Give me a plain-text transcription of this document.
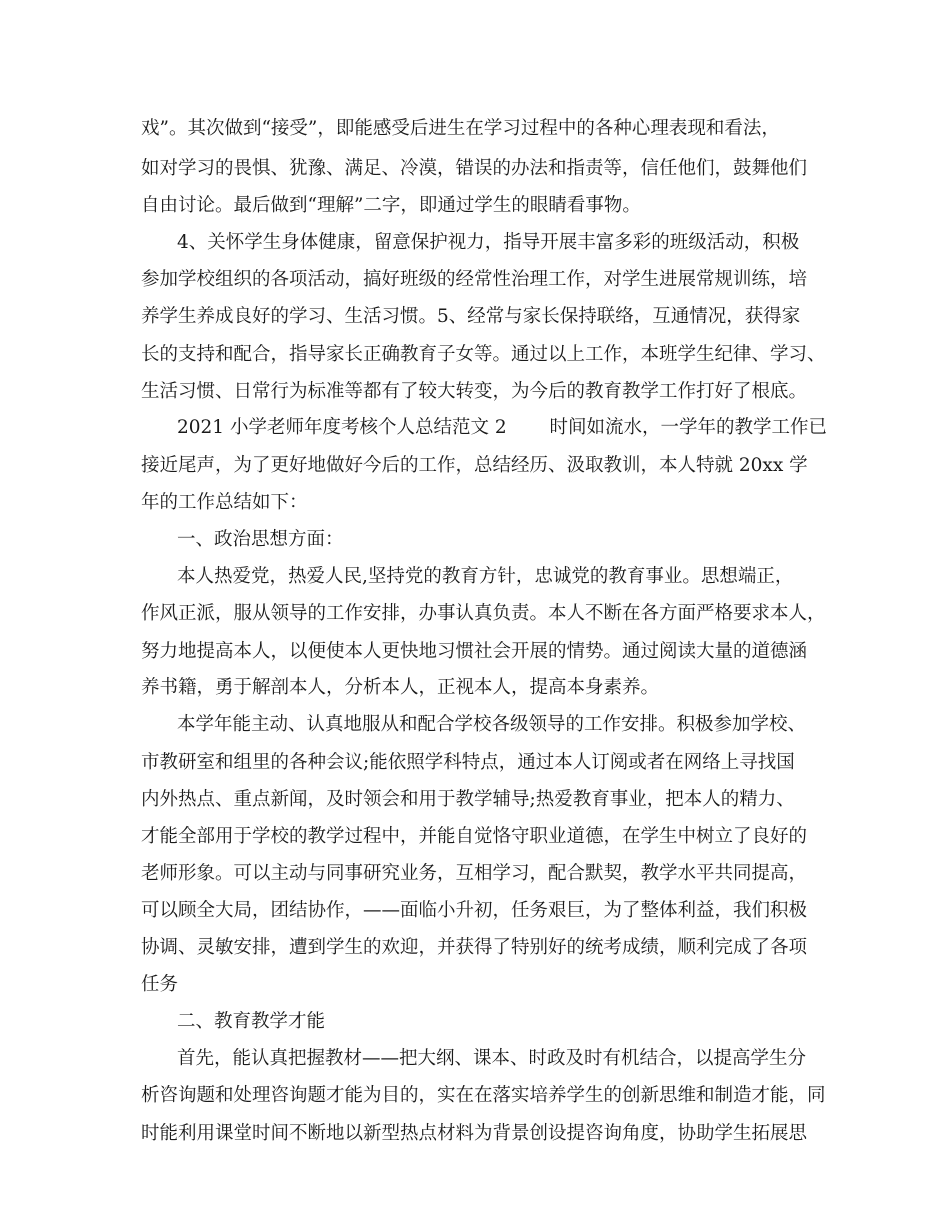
戏”。其次做到“接受”，即能感受后进生在学习过程中的各种心理表现和看法，

如对学习的畏惧、犹豫、满足、冷漠，错误的办法和指责等，信任他们，鼓舞他们

自由讨论。最后做到“理解”二字，即通过学生的眼睛看事物。

4、关怀学生身体健康，留意保护视力，指导开展丰富多彩的班级活动，积极

参加学校组织的各项活动，搞好班级的经常性治理工作，对学生进展常规训练，培

养学生养成良好的学习、生活习惯。5、经常与家长保持联络，互通情况，获得家

长的支持和配合，指导家长正确教育子女等。通过以上工作，本班学生纪律、学习、

生活习惯、日常行为标准等都有了较大转变，为今后的教育教学工作打好了根底。

2021 小学老师年度考核个人总结范文 2　　 时间如流水，一学年的教学工作已

接近尾声，为了更好地做好今后的工作，总结经历、汲取教训，本人特就 20xx 学

年的工作总结如下：

一、政治思想方面：

本人热爱党，热爱人民,坚持党的教育方针，忠诚党的教育事业。思想端正，

作风正派，服从领导的工作安排，办事认真负责。本人不断在各方面严格要求本人，

努力地提高本人，以便使本人更快地习惯社会开展的情势。通过阅读大量的道德涵

养书籍，勇于解剖本人，分析本人，正视本人，提高本身素养。

本学年能主动、认真地服从和配合学校各级领导的工作安排。积极参加学校、

市教研室和组里的各种会议;能依照学科特点，通过本人订阅或者在网络上寻找国

内外热点、重点新闻，及时领会和用于教学辅导;热爱教育事业，把本人的精力、

才能全部用于学校的教学过程中，并能自觉恪守职业道德，在学生中树立了良好的

老师形象。可以主动与同事研究业务，互相学习，配合默契，教学水平共同提高，

可以顾全大局，团结协作，——面临小升初，任务艰巨，为了整体利益，我们积极

协调、灵敏安排，遭到学生的欢迎，并获得了特别好的统考成绩，顺利完成了各项

任务

二、教育教学才能

首先，能认真把握教材——把大纲、课本、时政及时有机结合，以提高学生分

析咨询题和处理咨询题才能为目的，实在在落实培养学生的创新思维和制造才能，同

时能利用课堂时间不断地以新型热点材料为背景创设提咨询角度，协助学生拓展思
